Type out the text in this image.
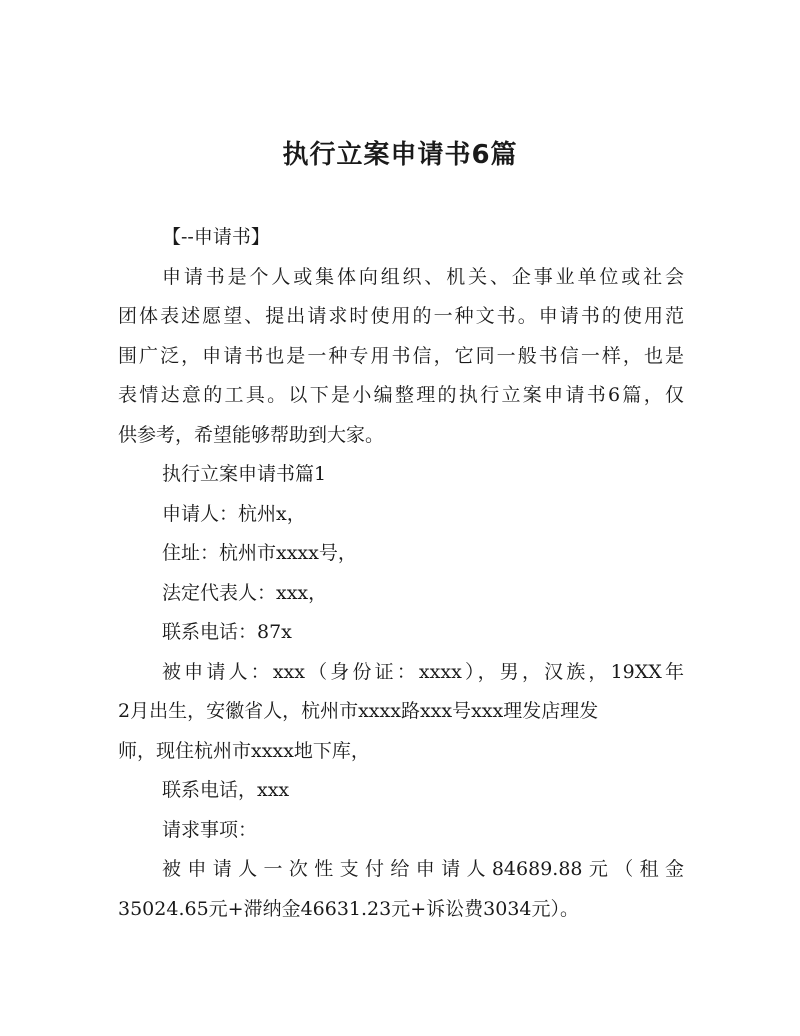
执行立案申请书6篇

【--申请书】

申请书是个人或集体向组织、机关、企事业单位或社会

团体表述愿望、提出请求时使用的一种文书。申请书的使用范

围广泛，申请书也是一种专用书信，它同一般书信一样，也是

表情达意的工具。以下是小编整理的执行立案申请书6篇，仅

供参考，希望能够帮助到大家。

执行立案申请书篇1

申请人：杭州x，

住址：杭州市xxxx号，

法定代表人：xxx，

联系电话：87x

被申请人：xxx（身份证：xxxx），男，汉族，19XX年

2月出生，安徽省人，杭州市xxxx路xxx号xxx理发店理发

师，现住杭州市xxxx地下库，

联系电话，xxx

请求事项：

被申请人一次性支付给申请人84689.88元（租金

35024.65元+滞纳金46631.23元+诉讼费3034元）。
